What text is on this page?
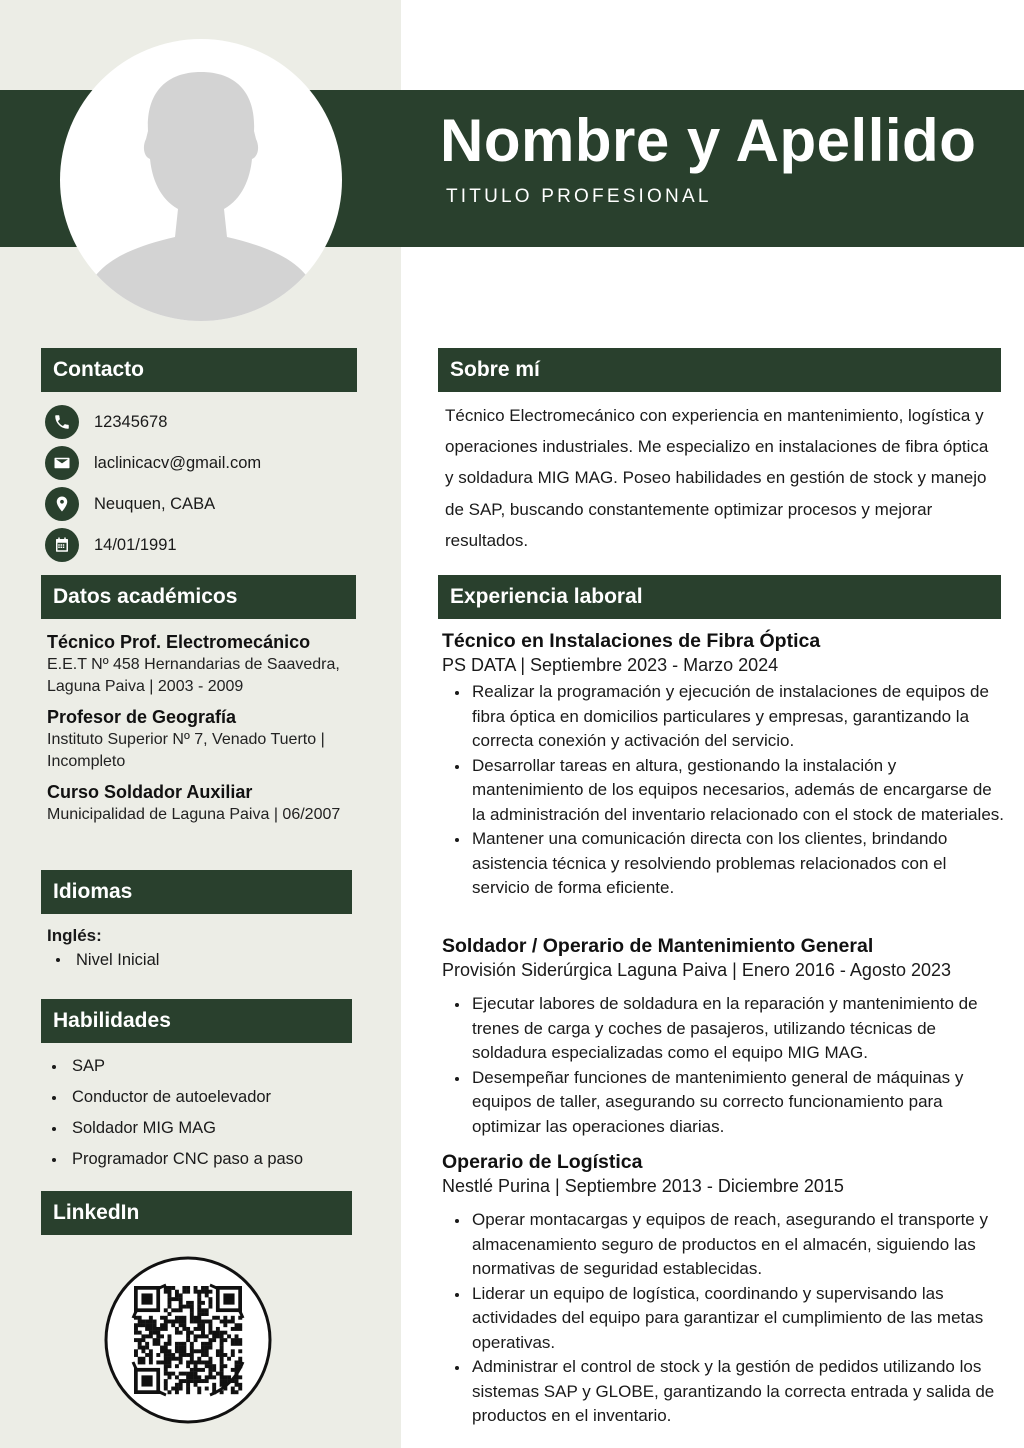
Nombre y Apellido
TITULO PROFESIONAL
Contacto
12345678
laclinicacv@gmail.com
Neuquen, CABA
14/01/1991
Datos académicos
Técnico Prof. Electromecánico
E.E.T Nº 458 Hernandarias de Saavedra, Laguna Paiva | 2003 - 2009
Profesor de Geografía
Instituto Superior Nº 7, Venado Tuerto | Incompleto
Curso Soldador Auxiliar
Municipalidad de Laguna Paiva | 06/2007
Idiomas
Inglés:
Nivel Inicial
Habilidades
SAP
Conductor de autoelevador
Soldador MIG MAG
Programador CNC paso a paso
LinkedIn
Sobre mí
Técnico Electromecánico con experiencia en mantenimiento, logística y operaciones industriales. Me especializo en instalaciones de fibra óptica y soldadura MIG MAG. Poseo habilidades en gestión de stock y manejo de SAP, buscando constantemente optimizar procesos y mejorar resultados.
Experiencia laboral
Técnico en Instalaciones de Fibra Óptica
PS DATA | Septiembre 2023 - Marzo 2024
Realizar la programación y ejecución de instalaciones de equipos de fibra óptica en domicilios particulares y empresas, garantizando la correcta conexión y activación del servicio.
Desarrollar tareas en altura, gestionando la instalación y mantenimiento de los equipos necesarios, además de encargarse de la administración del inventario relacionado con el stock de materiales.
Mantener una comunicación directa con los clientes, brindando asistencia técnica y resolviendo problemas relacionados con el servicio de forma eficiente.
Soldador / Operario de Mantenimiento General
Provisión Siderúrgica Laguna Paiva | Enero 2016 - Agosto 2023
Ejecutar labores de soldadura en la reparación y mantenimiento de trenes de carga y coches de pasajeros, utilizando técnicas de soldadura especializadas como el equipo MIG MAG.
Desempeñar funciones de mantenimiento general de máquinas y equipos de taller, asegurando su correcto funcionamiento para optimizar las operaciones diarias.
Operario de Logística
Nestlé Purina | Septiembre 2013 - Diciembre 2015
Operar montacargas y equipos de reach, asegurando el transporte y almacenamiento seguro de productos en el almacén, siguiendo las normativas de seguridad establecidas.
Liderar un equipo de logística, coordinando y supervisando las actividades del equipo para garantizar el cumplimiento de las metas operativas.
Administrar el control de stock y la gestión de pedidos utilizando los sistemas SAP y GLOBE, garantizando la correcta entrada y salida de productos en el inventario.
